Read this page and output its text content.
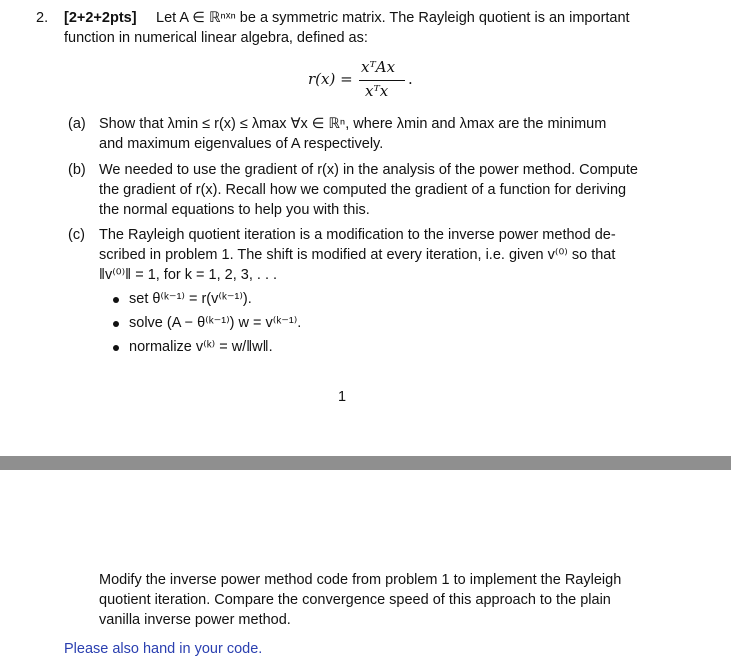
2. [2+2+2pts] Let A ∈ ℝⁿˣⁿ be a symmetric matrix. The Rayleigh quotient is an important
function in numerical linear algebra, defined as:
r(x) =
xᵀAx
xᵀx
.
(a) Show that λmin ≤ r(x) ≤ λmax ∀x ∈ ℝⁿ, where λmin and λmax are the minimum
and maximum eigenvalues of A respectively.
(b) We needed to use the gradient of r(x) in the analysis of the power method. Compute
the gradient of r(x). Recall how we computed the gradient of a function for deriving
the normal equations to help you with this.
(c) The Rayleigh quotient iteration is a modification to the inverse power method de-
scribed in problem 1. The shift is modified at every iteration, i.e. given v⁽⁰⁾ so that
‖v⁽⁰⁾‖ = 1, for k = 1, 2, 3, . . .
set θ⁽ᵏ⁻¹⁾ = r(v⁽ᵏ⁻¹⁾).
solve (A − θ⁽ᵏ⁻¹⁾) w = v⁽ᵏ⁻¹⁾.
normalize v⁽ᵏ⁾ = w/‖w‖.
1
Modify the inverse power method code from problem 1 to implement the Rayleigh
quotient iteration. Compare the convergence speed of this approach to the plain
vanilla inverse power method.
Please also hand in your code.
